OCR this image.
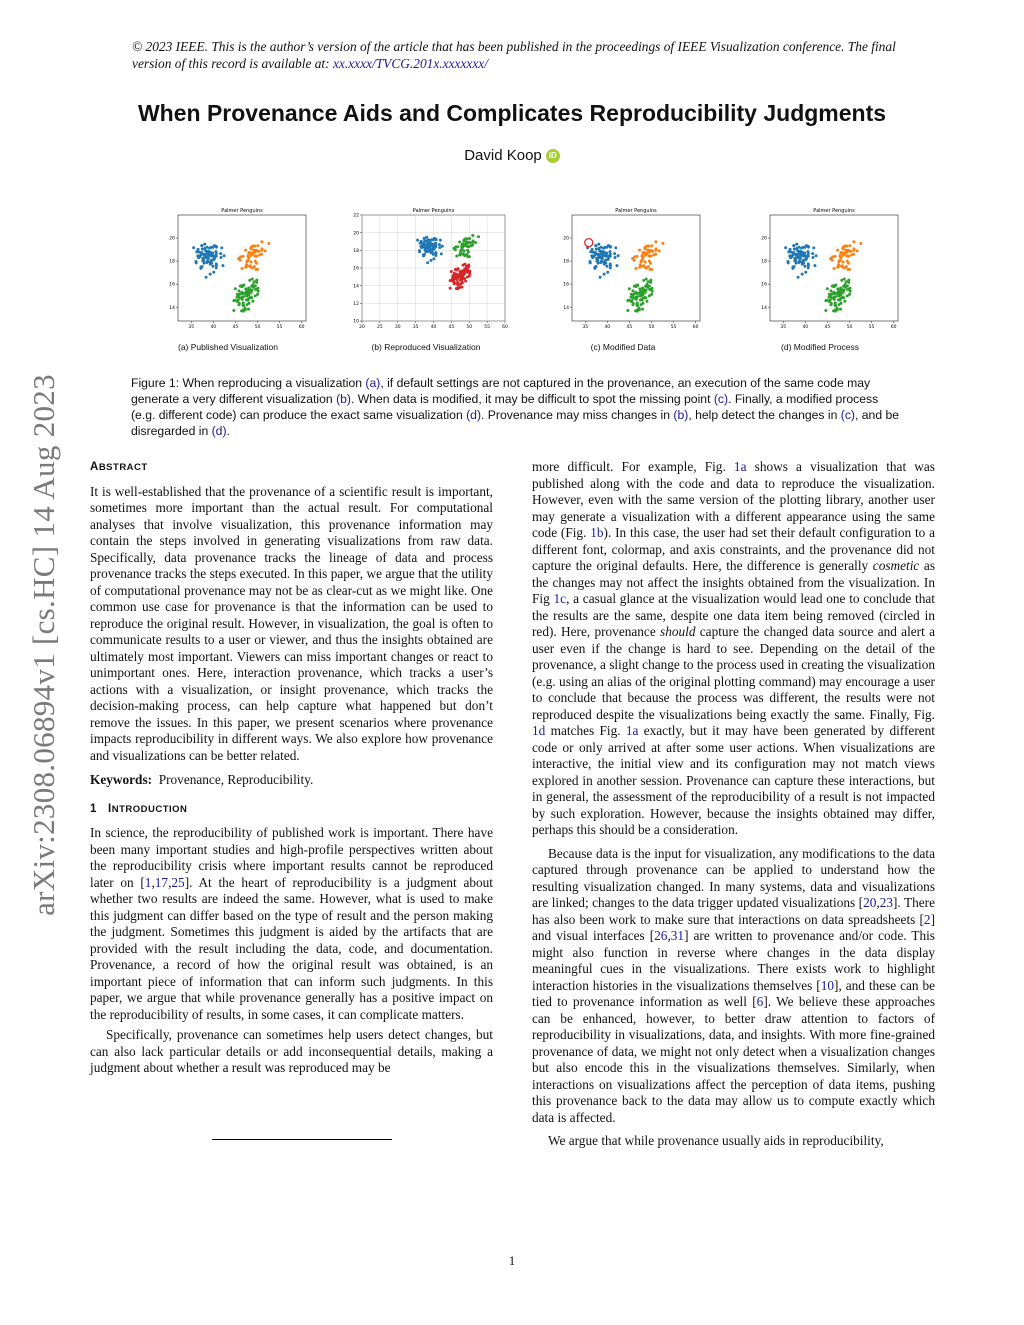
© 2023 IEEE. This is the author’s version of the article that has been published in the proceedings of IEEE Visualization conference. The final version of this record is available at: xx.xxxx/TVCG.201x.xxxxxxx/
When Provenance Aids and Complicates Reproducibility Judgments
David Koop iD
arXiv:2308.06894v1 [cs.HC] 14 Aug 2023
Palmer Penguins
35	40	45	50	55	60
14
16
18
20
Palmer Penguins
20	25	30	35	40	45	50	55	60
10
12
14
16
18
20
22
Palmer Penguins
35	40	45	50	55	60
14
16
18
20
Palmer Penguins
35	40	45	50	55	60
14
16
18
20
(a) Published Visualization	(b) Reproduced Visualization	(c) Modified Data	(d) Modified Process
Figure 1: When reproducing a visualization (a), if default settings are not captured in the provenance, an execution of the same code may generate a very different visualization (b). When data is modified, it may be difficult to spot the missing point (c). Finally, a modified process (e.g. different code) can produce the exact same visualization (d). Provenance may miss changes in (b), help detect the changes in (c), and be disregarded in (d).
ABSTRACT

It is well-established that the provenance of a scientific result is important, sometimes more important than the actual result. For computational analyses that involve visualization, this provenance information may contain the steps involved in generating visualizations from raw data. Specifically, data provenance tracks the lineage of data and process provenance tracks the steps executed. In this paper, we argue that the utility of computational provenance may not be as clear-cut as we might like. One common use case for provenance is that the information can be used to reproduce the original result. However, in visualization, the goal is often to communicate results to a user or viewer, and thus the insights obtained are ultimately most important. Viewers can miss important changes or react to unimportant ones. Here, interaction provenance, which tracks a user’s actions with a visualization, or insight provenance, which tracks the decision-making process, can help capture what happened but don’t remove the issues. In this paper, we present scenarios where provenance impacts reproducibility in different ways. We also explore how provenance and visualizations can be better related.

Keywords: Provenance, Reproducibility.

1 INTRODUCTION

In science, the reproducibility of published work is important. There have been many important studies and high-profile perspectives written about the reproducibility crisis where important results cannot be reproduced later on [1,17,25]. At the heart of reproducibility is a judgment about whether two results are indeed the same. However, what is used to make this judgment can differ based on the type of result and the person making the judgment. Sometimes this judgment is aided by the artifacts that are provided with the result including the data, code, and documentation. Provenance, a record of how the original result was obtained, is an important piece of information that can inform such judgments. In this paper, we argue that while provenance generally has a positive impact on the reproducibility of results, in some cases, it can complicate matters.

Specifically, provenance can sometimes help users detect changes, but can also lack particular details or add inconsequential details, making a judgment about whether a result was reproduced may be

more difficult. For example, Fig. 1a shows a visualization that was published along with the code and data to reproduce the visualization. However, even with the same version of the plotting library, another user may generate a visualization with a different appearance using the same code (Fig. 1b). In this case, the user had set their default configuration to a different font, colormap, and axis constraints, and the provenance did not capture the original defaults. Here, the difference is generally cosmetic as the changes may not affect the insights obtained from the visualization. In Fig 1c, a casual glance at the visualization would lead one to conclude that the results are the same, despite one data item being removed (circled in red). Here, provenance should capture the changed data source and alert a user even if the change is hard to see. Depending on the detail of the provenance, a slight change to the process used in creating the visualization (e.g. using an alias of the original plotting command) may encourage a user to conclude that because the process was different, the results were not reproduced despite the visualizations being exactly the same. Finally, Fig. 1d matches Fig. 1a exactly, but it may have been generated by different code or only arrived at after some user actions. When visualizations are interactive, the initial view and its configuration may not match views explored in another session. Provenance can capture these interactions, but in general, the assessment of the reproducibility of a result is not impacted by such exploration. However, because the insights obtained may differ, perhaps this should be a consideration.

Because data is the input for visualization, any modifications to the data captured through provenance can be applied to understand how the resulting visualization changed. In many systems, data and visualizations are linked; changes to the data trigger updated visualizations [20,23]. There has also been work to make sure that interactions on data spreadsheets [2] and visual interfaces [26,31] are written to provenance and/or code. This might also function in reverse where changes in the data display meaningful cues in the visualizations. There exists work to highlight interaction histories in the visualizations themselves [10], and these can be tied to provenance information as well [6]. We believe these approaches can be enhanced, however, to better draw attention to factors of reproducibility in visualizations, data, and insights. With more fine-grained provenance of data, we might not only detect when a visualization changes but also encode this in the visualizations themselves. Similarly, when interactions on visualizations affect the perception of data items, pushing this provenance back to the data may allow us to compute exactly which data is affected.

We argue that while provenance usually aids in reproducibility,

1
